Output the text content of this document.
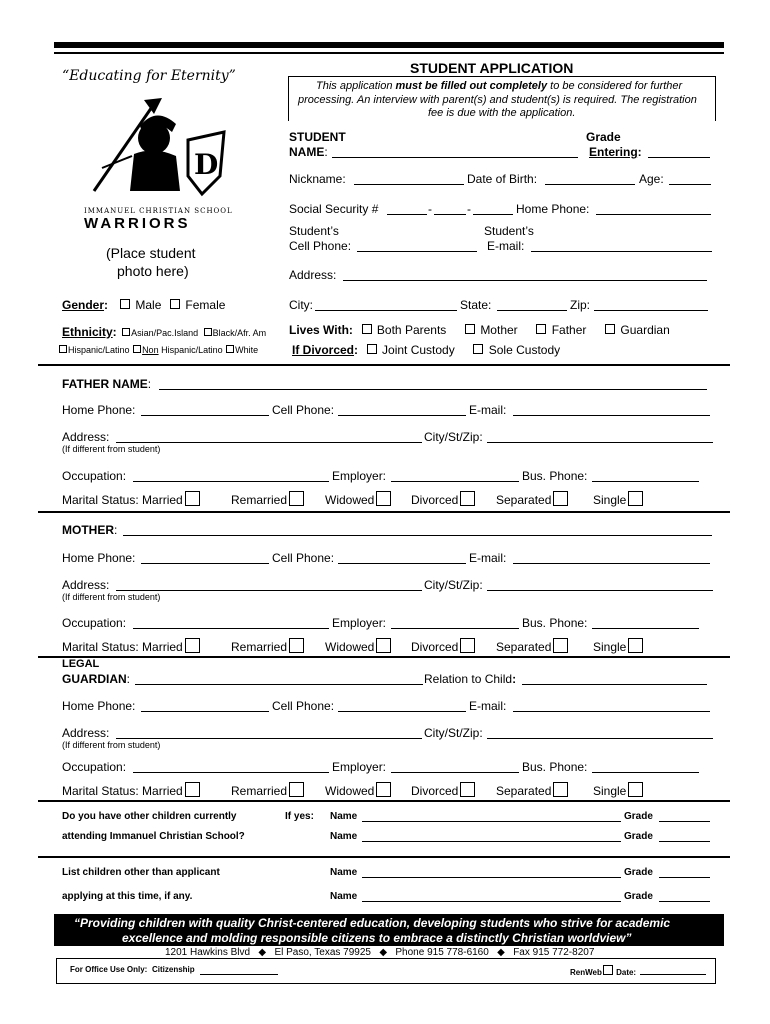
“Educating for Eternity”
D
IMMANUEL CHRISTIAN SCHOOL
WARRIORS
(Place student
photo here)
STUDENT APPLICATION
This application must be filled out completely to be considered for further
processing. An interview with parent(s) and student(s) is required. The registration
fee is due with the application.
STUDENT
NAME:
Grade
Entering:
Nickname:	Date of Birth:	Age:
Social Security #	-	-	Home Phone:
Student’s
Cell Phone:
Student’s
E-mail:
Address:
Gender: Male Female	City:	State:	Zip:
Ethnicity: Asian/Pac.Island Black/Afr. Am
Hispanic/Latino Non Hispanic/Latino White
Lives With: Both Parents	Mother	Father	Guardian
If Divorced: Joint Custody	Sole Custody
FATHER NAME:
Home Phone:	Cell Phone:	E-mail:
Address:	City/St/Zip:
(If different from student)
Occupation:	Employer:	Bus. Phone:
Marital Status: Married	Remarried	Widowed	Divorced	Separated	Single
MOTHER:
Home Phone:	Cell Phone:	E-mail:
Address:	City/St/Zip:
(If different from student)
Occupation:	Employer:	Bus. Phone:
Marital Status: Married	Remarried	Widowed	Divorced	Separated	Single
LEGAL
GUARDIAN:	Relation to Child:
Home Phone:	Cell Phone:	E-mail:
Address:	City/St/Zip:
(If different from student)
Occupation:	Employer:	Bus. Phone:
Marital Status: Married	Remarried	Widowed	Divorced	Separated	Single
Do you have other children currently
attending Immanuel Christian School?
If yes: Name	Grade
Name	Grade
List children other than applicant
applying at this time, if any.
Name	Grade
Name	Grade
“Providing children with quality Christ-centered education, developing students who strive for academic
excellence and molding responsible citizens to embrace a distinctly Christian worldview”
1201 Hawkins Blvd ◆ El Paso, Texas 79925 ◆ Phone 915 778-6160 ◆ Fax 915 772-8207
For Office Use Only: Citizenship	RenWeb Date:
